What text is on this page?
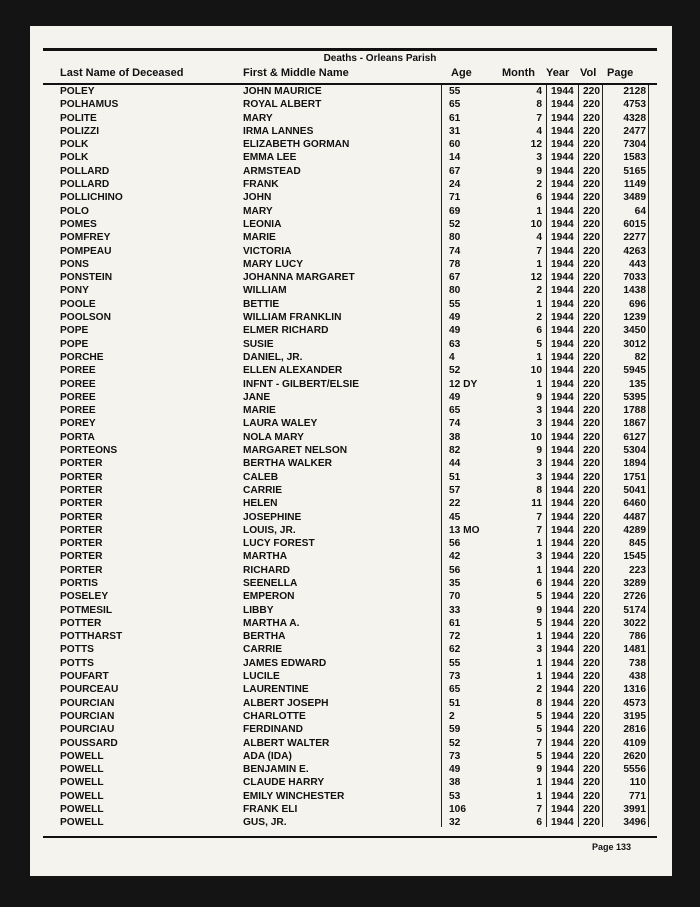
Deaths - Orleans Parish
Last Name of Deceased	First & Middle Name	Age	Month Year Vol Page
POLEY	JOHN MAURICE	55	4 1944 220	2128
POLHAMUS	ROYAL ALBERT	65	8 1944 220	4753
POLITE	MARY	61	7 1944 220	4328
POLIZZI	IRMA LANNES	31	4 1944 220	2477
POLK	ELIZABETH GORMAN	60	12 1944 220	7304
POLK	EMMA LEE	14	3 1944 220	1583
POLLARD	ARMSTEAD	67	9 1944 220	5165
POLLARD	FRANK	24	2 1944 220	1149
POLLICHINO	JOHN	71	6 1944 220	3489
POLO	MARY	69	1 1944 220	64
POMES	LEONIA	52	10 1944 220	6015
POMFREY	MARIE	80	4 1944 220	2277
POMPEAU	VICTORIA	74	7 1944 220	4263
PONS	MARY LUCY	78	1 1944 220	443
PONSTEIN	JOHANNA MARGARET	67	12 1944 220	7033
PONY	WILLIAM	80	2 1944 220	1438
POOLE	BETTIE	55	1 1944 220	696
POOLSON	WILLIAM FRANKLIN	49	2 1944 220	1239
POPE	ELMER RICHARD	49	6 1944 220	3450
POPE	SUSIE	63	5 1944 220	3012
PORCHE	DANIEL, JR.	4	1 1944 220	82
POREE	ELLEN ALEXANDER	52	10 1944 220	5945
POREE	INFNT - GILBERT/ELSIE	12 DY	1 1944 220	135
POREE	JANE	49	9 1944 220	5395
POREE	MARIE	65	3 1944 220	1788
POREY	LAURA WALEY	74	3 1944 220	1867
PORTA	NOLA MARY	38	10 1944 220	6127
PORTEONS	MARGARET NELSON	82	9 1944 220	5304
PORTER	BERTHA WALKER	44	3 1944 220	1894
PORTER	CALEB	51	3 1944 220	1751
PORTER	CARRIE	57	8 1944 220	5041
PORTER	HELEN	22	11 1944 220	6460
PORTER	JOSEPHINE	45	7 1944 220	4487
PORTER	LOUIS, JR.	13 MO	7 1944 220	4289
PORTER	LUCY FOREST	56	1 1944 220	845
PORTER	MARTHA	42	3 1944 220	1545
PORTER	RICHARD	56	1 1944 220	223
PORTIS	SEENELLA	35	6 1944 220	3289
POSELEY	EMPERON	70	5 1944 220	2726
POTMESIL	LIBBY	33	9 1944 220	5174
POTTER	MARTHA A.	61	5 1944 220	3022
POTTHARST	BERTHA	72	1 1944 220	786
POTTS	CARRIE	62	3 1944 220	1481
POTTS	JAMES EDWARD	55	1 1944 220	738
POUFART	LUCILE	73	1 1944 220	438
POURCEAU	LAURENTINE	65	2 1944 220	1316
POURCIAN	ALBERT JOSEPH	51	8 1944 220	4573
POURCIAN	CHARLOTTE	2	5 1944 220	3195
POURCIAU	FERDINAND	59	5 1944 220	2816
POUSSARD	ALBERT WALTER	52	7 1944 220	4109
POWELL	ADA (IDA)	73	5 1944 220	2620
POWELL	BENJAMIN E.	49	9 1944 220	5556
POWELL	CLAUDE HARRY	38	1 1944 220	110
POWELL	EMILY WINCHESTER	53	1 1944 220	771
POWELL	FRANK ELI	106	7 1944 220	3991
POWELL	GUS, JR.	32	6 1944 220	3496
Page 133
